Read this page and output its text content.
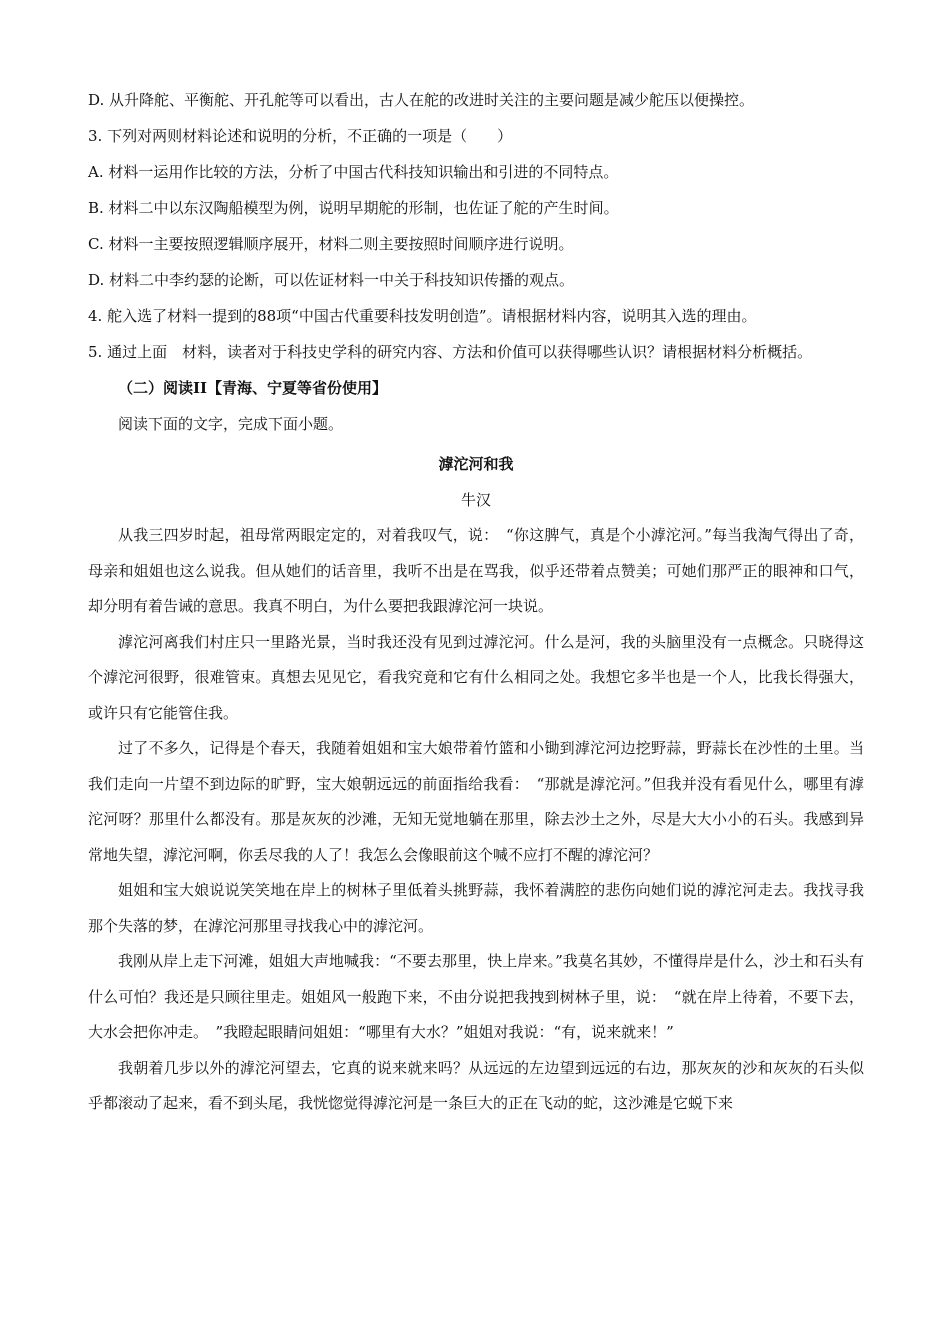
D. 从升降舵、平衡舵、开孔舵等可以看出，古人在舵的改进时关注的主要问题是减少舵压以便操控。
3. 下列对两则材料论述和说明的分析，不正确的一项是（　　）
A. 材料一运用作比较的方法，分析了中国古代科技知识输出和引进的不同特点。
B. 材料二中以东汉陶船模型为例，说明早期舵的形制，也佐证了舵的产生时间。
C. 材料一主要按照逻辑顺序展开，材料二则主要按照时间顺序进行说明。
D. 材料二中李约瑟的论断，可以佐证材料一中关于科技知识传播的观点。
4. 舵入选了材料一提到的88项“中国古代重要科技发明创造”。请根据材料内容，说明其入选的理由。
5. 通过上面　材料，读者对于科技史学科的研究内容、方法和价值可以获得哪些认识？请根据材料分析概括。
（二）阅读II【青海、宁夏等省份使用】
阅读下面的文字，完成下面小题。
滹沱河和我
牛汉

从我三四岁时起，祖母常两眼定定的，对着我叹气，说：　“你这脾气，真是个小滹沱河。”每当我淘气得出了奇，母亲和姐姐也这么说我。但从她们的话音里，我听不出是在骂我，似乎还带着点赞美；可她们那严正的眼神和口气，却分明有着告诫的意思。我真不明白，为什么要把我跟滹沱河一块说。

滹沱河离我们村庄只一里路光景，当时我还没有见到过滹沱河。什么是河，我的头脑里没有一点概念。只晓得这个滹沱河很野，很难管束。真想去见见它，看我究竟和它有什么相同之处。我想它多半也是一个人，比我长得强大，或许只有它能管住我。

过了不多久，记得是个春天，我随着姐姐和宝大娘带着竹篮和小锄到滹沱河边挖野蒜，野蒜长在沙性的土里。当我们走向一片望不到边际的旷野，宝大娘朝远远的前面指给我看：　“那就是滹沱河。”但我并没有看见什么，哪里有滹沱河呀？那里什么都没有。那是灰灰的沙滩，无知无觉地躺在那里，除去沙土之外，尽是大大小小的石头。我感到异常地失望，滹沱河啊，你丢尽我的人了！我怎么会像眼前这个喊不应打不醒的滹沱河？

姐姐和宝大娘说说笑笑地在岸上的树林子里低着头挑野蒜，我怀着满腔的悲伤向她们说的滹沱河走去。我找寻我那个失落的梦，在滹沱河那里寻找我心中的滹沱河。

我刚从岸上走下河滩，姐姐大声地喊我：“不要去那里，快上岸来。”我莫名其妙，不懂得岸是什么，沙土和石头有什么可怕？我还是只顾往里走。姐姐风一般跑下来，不由分说把我拽到树林子里，说：　“就在岸上待着，不要下去，大水会把你冲走。　”我瞪起眼睛问姐姐：“哪里有大水？”姐姐对我说：“有，说来就来！”

我朝着几步以外的滹沱河望去，它真的说来就来吗？从远远的左边望到远远的右边，那灰灰的沙和灰灰的石头似乎都滚动了起来，看不到头尾，我恍惚觉得滹沱河是一条巨大的正在飞动的蛇，这沙滩是它蜕下来
